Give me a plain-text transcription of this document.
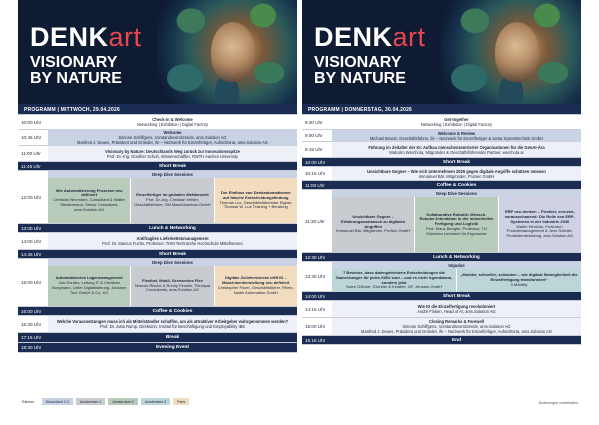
DENKart
VISIONARY
BY NATURE
PROGRAMM | MITTWOCH, 29.04.2026
10:00 Uhr	Check-in & Welcome
Networking | Exhibition | Digital Factory
10:45 Uhr
Welcome
Simone Schiffgens, Vorstandsvorsitzende, ams.Solution AG
Manfred J. Deues, Präsident und Gründer, ife – Netzwerk für Einzelfertiger, Aufsichtsrat, ams.Solution AG
11:00 Uhr	Visionary by Nature: Deutschlands Weg zurück zur Innovationsspitze
Prof. Dr.-Ing. Günther Schuh, Wissenschaftler, RWTH Aachen University
11:45 Uhr	Short Break
12:00 Uhr
Deep Dive Sessions
Wie Automatisierung Prozesse neu definiert
Christian Neumann, Consultant & Walter Steidermann, Senior Consultant, ams.Solution AG
Einzelfertiger im globalen Wettbewerb
Prof. Dr.-Ing. Christian Vettler, Geschäftsführer, SM Maschinenbau GmbH
Der Einfluss von Denkautomatismen auf falsche Entscheidungsfindung
Thomas Lux, Geschäftsführender Eigner, Thomas W. Lux Training + Beratung
13:00 Uhr	Lunch & Networking
14:00 Uhr	Antifragiles Lieferkettenmanagement
Prof. Dr. Marcus Fuchs, Professor, THM Technische Hochschule Mittelhessen
14:45 Uhr	Short Break
15:00 Uhr
Deep Dive Sessions
Automatisiertes Lagermanagement
Jan Gordes, Leitung IT & Christian Borgmann, Leiter Digitalisierung, Janssen Tore GmbH & Co. KG
Flexibel, Mobil, Grenzenlos Flex
Marcus Rische & Ronny Finnein, Principal Consultants, ams.Solution AG
Digitale Zulieferstrecke trifft KI – Maschinenherstellung neu definiert
Christopher Pavel, Geschäftsführer, Rhein-Nadel Automation GmbH
16:00 Uhr	Coffee & Cookies
16:30 Uhr	Welche Voraussetzungen muss ich als Mittelständler schaffen, um als attraktiver Arbeitgeber wahrgenommen werden?
Prof. Dr. Jutta Rump, Direktorin, Institut für Beschäftigung und Employability IBE
17:15 Uhr	Break
18:30 Uhr	Evening Event
Räume:	Düsseldorf 2-3	Amsterdam 1	Amsterdam 2	Amsterdam 3	Paris
DENKart
VISIONARY
BY NATURE
PROGRAMM | DONNERSTAG, 30.04.2026
8:30 Uhr	Get-together
Networking | Exhibition | Digital Factory
9:00 Uhr	Welcome & Review
Michael Broetz, Geschäftsführer, ife – Netzwerk für Einzelfertiger & sema Systemtechnik GmbH
9:15 Uhr	Führung im Zeitalter der KI: Aufbau menschenzentrierter Organisationen für die GenAI-Ära
Malcolm Werchota, Mitgründer & Geschäftsführender Partner, werchota.ai
10:00 Uhr	Short Break
10:15 Uhr	Unsichtbare Gegner – Wie sich Unternehmen 2026 gegen digitale Angriffe schützen müssen
Immanuel Bär, Mitgründer, ProSec GmbH
11:00 Uhr	Coffee & Cookies
11:30 Uhr
Deep Dive Sessions
Unsichtbare Gegner – Erfahrungsaustausch zu digitalen Angriffen
Immanuel Bär, Mitgründer, ProSec GmbH
Kollaborative Robotik: Mensch-Roboter-Interaktion in der industriellen Fertigung und Logistik
Prof. Klaus Bengler, Professor, TU München Lehrstuhl für Ergonomie
ERP neu denken – Flexibel, vernetzt, vorausschauend: Die Rolle von ERP-Systemen in der Industrie 2030
Martin Hinrichs, Prokurist / Produktmanagement & Jens Schulte, Produktentwicklung, ams.Solution AG
12:30 Uhr	Lunch & Networking
13:30 Uhr
Impulse
7 Beweise, dass datengetriebene Entscheidungen die Gamechanger für jedes KMU sind – und es nicht irgendwann, sondern jetzt
Swen Gößner, Gründer & Inhaber, GF, Jensaru GmbH
„Mobiler, schneller, schlanker – wie digitale Beweglichkeit die Einzelfertigung transformiert“
3 Mobility
14:00 Uhr	Short Break
14:15 Uhr	Wie KI die Einzelfertigung revolutioniert
André Finken, Head of AI, ams.Solution AG
15:00 Uhr
Closing Remarks & Farewell
Simone Schiffgens, Vorstandsvorsitzende, ams.Solution AG
Manfred J. Deues, Präsident und Gründer, ife – Netzwerk für Einzelfertiger, Aufsichtsrat, ams.Solution AG
15:15 Uhr	End
Änderungen vorbehalten.
